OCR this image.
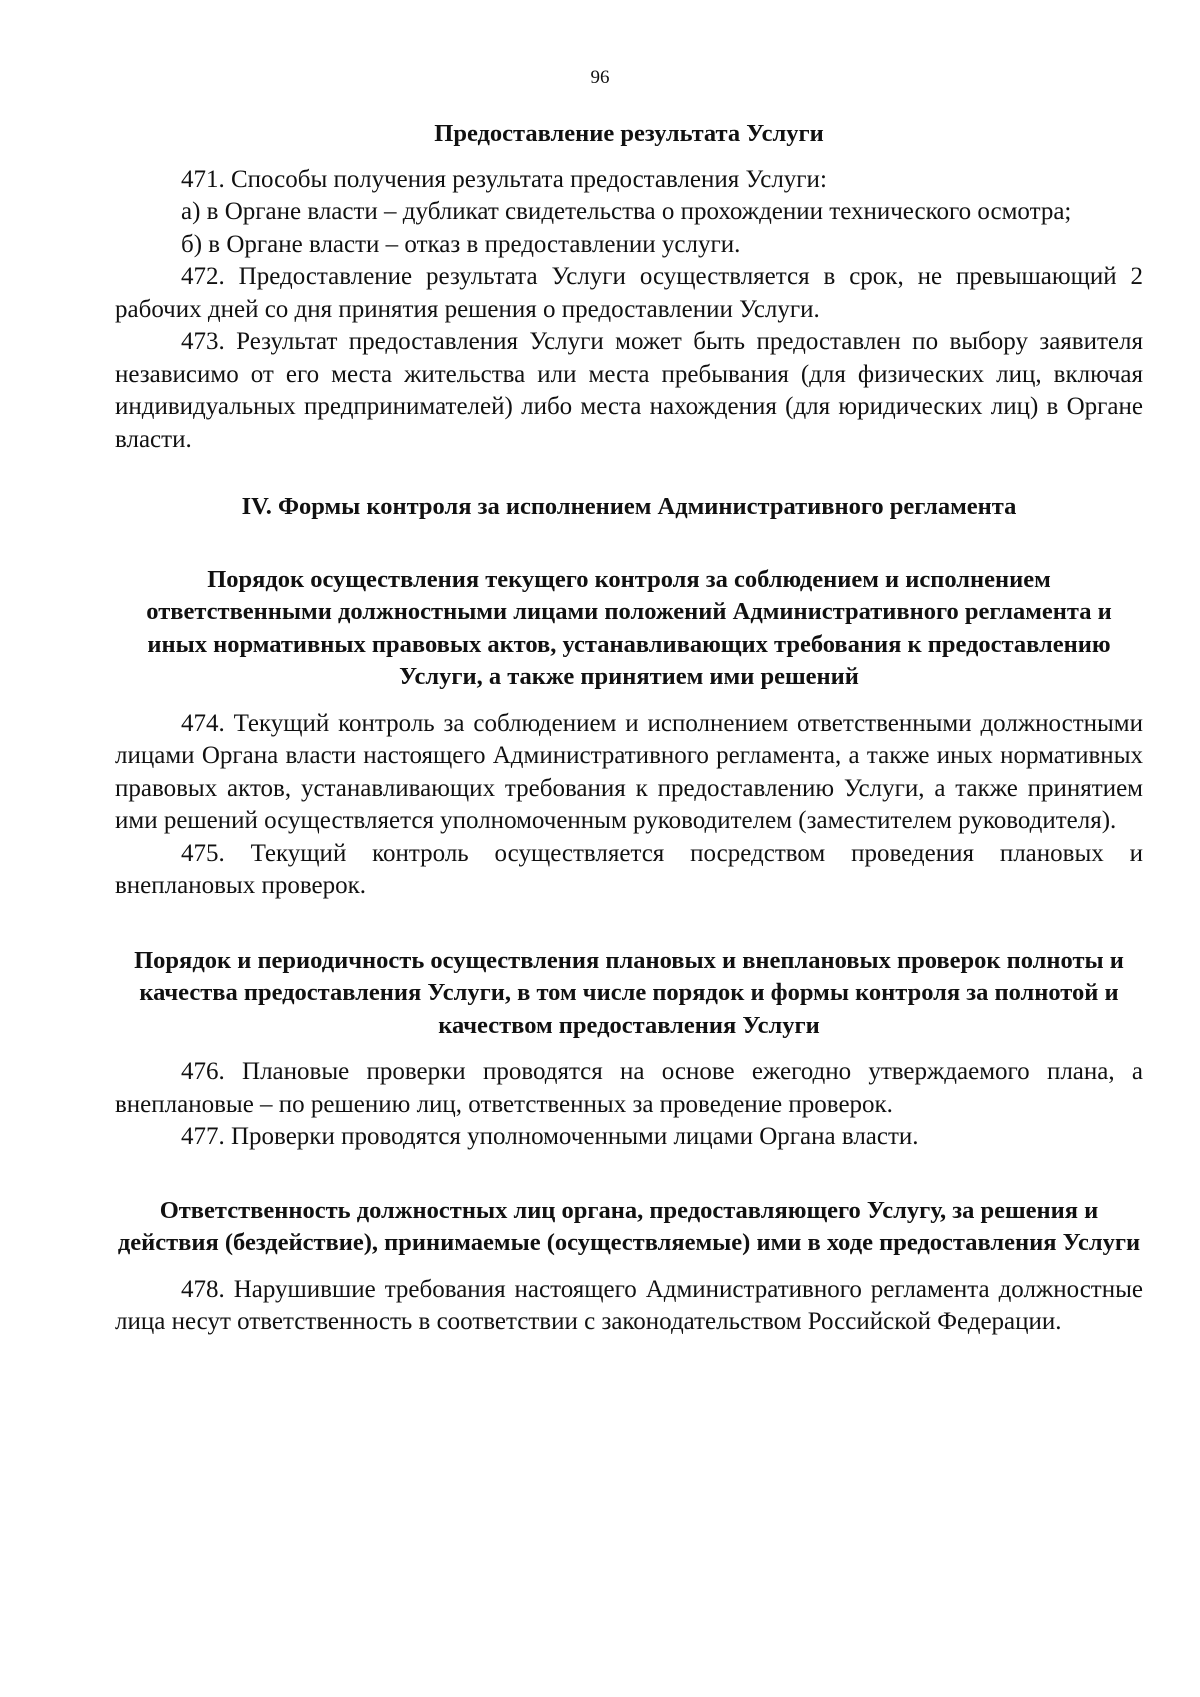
96

Предоставление результата Услуги

471. Способы получения результата предоставления Услуги:

а) в Органе власти – дубликат свидетельства о прохождении технического осмотра;

б) в Органе власти – отказ в предоставлении услуги.

472. Предоставление результата Услуги осуществляется в срок, не превышающий 2 рабочих дней со дня принятия решения о предоставлении Услуги.

473. Результат предоставления Услуги может быть предоставлен по выбору заявителя независимо от его места жительства или места пребывания (для физических лиц, включая индивидуальных предпринимателей) либо места нахождения (для юридических лиц) в Органе власти.

IV. Формы контроля за исполнением Административного регламента

Порядок осуществления текущего контроля за соблюдением и исполнением ответственными должностными лицами положений Административного регламента и иных нормативных правовых актов, устанавливающих требования к предоставлению Услуги, а также принятием ими решений

474. Текущий контроль за соблюдением и исполнением ответственными должностными лицами Органа власти настоящего Административного регламента, а также иных нормативных правовых актов, устанавливающих требования к предоставлению Услуги, а также принятием ими решений осуществляется уполномоченным руководителем (заместителем руководителя).

475. Текущий контроль осуществляется посредством проведения плановых и внеплановых проверок.

Порядок и периодичность осуществления плановых и внеплановых проверок полноты и качества предоставления Услуги, в том числе порядок и формы контроля за полнотой и качеством предоставления Услуги

476. Плановые проверки проводятся на основе ежегодно утверждаемого плана, а внеплановые – по решению лиц, ответственных за проведение проверок.

477. Проверки проводятся уполномоченными лицами Органа власти.

Ответственность должностных лиц органа, предоставляющего Услугу, за решения и действия (бездействие), принимаемые (осуществляемые) ими в ходе предоставления Услуги

478. Нарушившие требования настоящего Административного регламента должностные лица несут ответственность в соответствии с законодательством Российской Федерации.
